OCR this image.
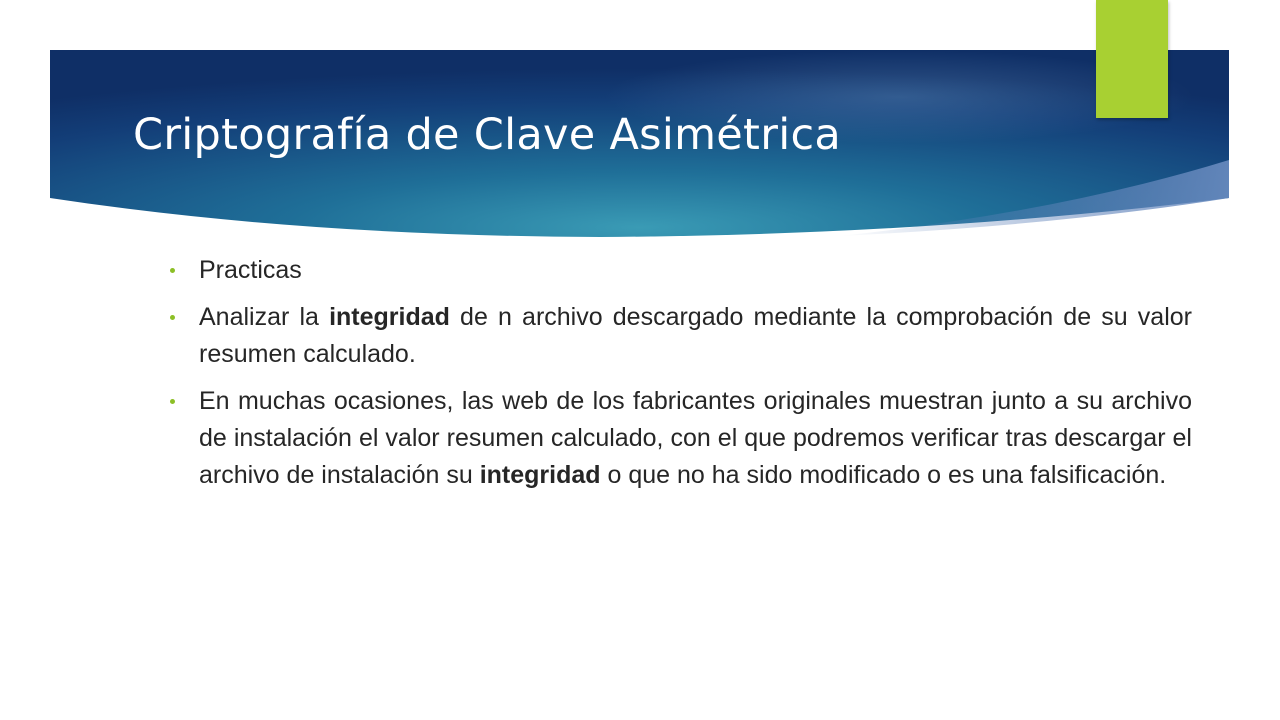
Criptografía de Clave Asimétrica
Practicas
Analizar la integridad de n archivo descargado mediante la comprobación de su valor resumen calculado.
En muchas ocasiones, las web de los fabricantes originales muestran junto a su archivo de instalación el valor resumen calculado, con el que podremos verificar tras descargar el archivo de instalación su integridad o que no ha sido modificado o es una falsificación.
